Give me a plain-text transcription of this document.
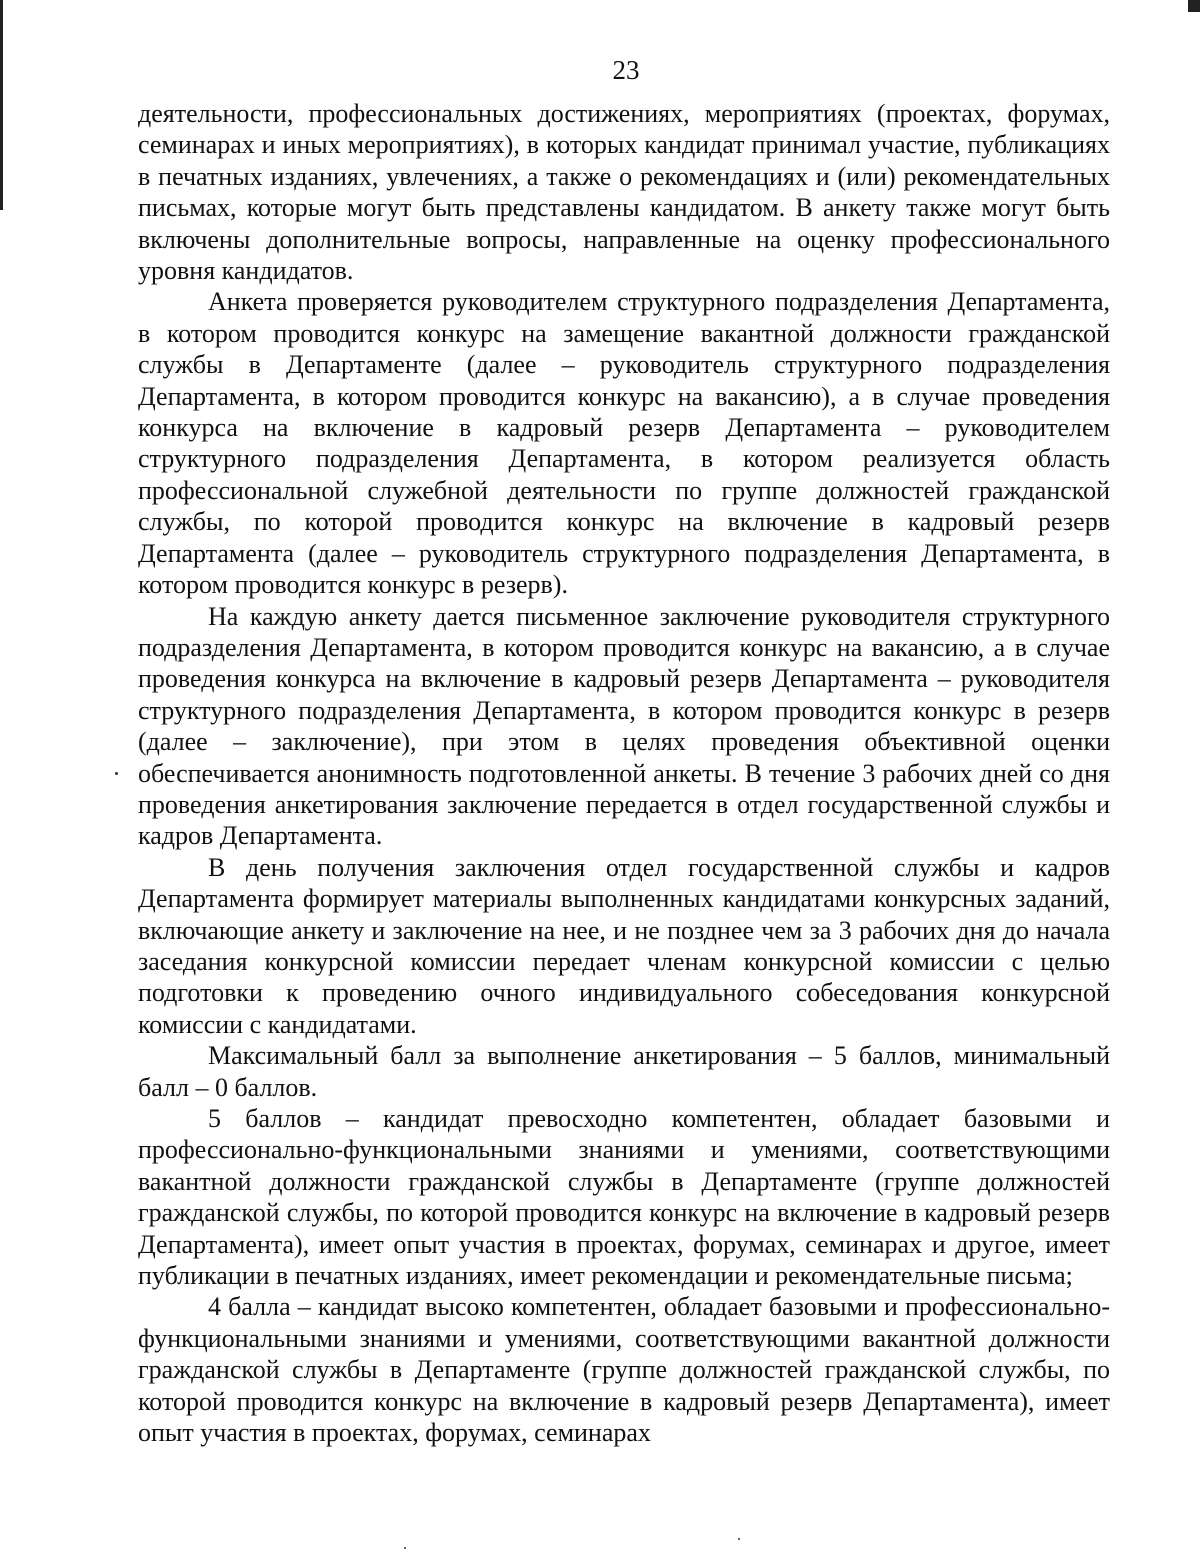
23

деятельности, профессиональных достижениях, мероприятиях (проектах, форумах, семинарах и иных мероприятиях), в которых кандидат принимал участие, публикациях в печатных изданиях, увлечениях, а также о рекомендациях и (или) рекомендательных письмах, которые могут быть представлены кандидатом. В анкету также могут быть включены дополнительные вопросы, направленные на оценку профессионального уровня кандидатов.

Анкета проверяется руководителем структурного подразделения Департамента, в котором проводится конкурс на замещение вакантной должности гражданской службы в Департаменте (далее – руководитель структурного подразделения Департамента, в котором проводится конкурс на вакансию), а в случае проведения конкурса на включение в кадровый резерв Департамента – руководителем структурного подразделения Департамента, в котором реализуется область профессиональной служебной деятельности по группе должностей гражданской службы, по которой проводится конкурс на включение в кадровый резерв Департамента (далее – руководитель структурного подразделения Департамента, в котором проводится конкурс в резерв).

На каждую анкету дается письменное заключение руководителя структурного подразделения Департамента, в котором проводится конкурс на вакансию, а в случае проведения конкурса на включение в кадровый резерв Департамента – руководителя структурного подразделения Департамента, в котором проводится конкурс в резерв (далее – заключение), при этом в целях проведения объективной оценки обеспечивается анонимность подготовленной анкеты. В течение 3 рабочих дней со дня проведения анкетирования заключение передается в отдел государственной службы и кадров Департамента.

В день получения заключения отдел государственной службы и кадров Департамента формирует материалы выполненных кандидатами конкурсных заданий, включающие анкету и заключение на нее, и не позднее чем за 3 рабочих дня до начала заседания конкурсной комиссии передает членам конкурсной комиссии с целью подготовки к проведению очного индивидуального собеседования конкурсной комиссии с кандидатами.

Максимальный балл за выполнение анкетирования – 5 баллов, минимальный балл – 0 баллов.

5 баллов – кандидат превосходно компетентен, обладает базовыми и профессионально-функциональными знаниями и умениями, соответствующими вакантной должности гражданской службы в Департаменте (группе должностей гражданской службы, по которой проводится конкурс на включение в кадровый резерв Департамента), имеет опыт участия в проектах, форумах, семинарах и другое, имеет публикации в печатных изданиях, имеет рекомендации и рекомендательные письма;

4 балла – кандидат высоко компетентен, обладает базовыми и профессионально-функциональными знаниями и умениями, соответствующими вакантной должности гражданской службы в Департаменте (группе должностей гражданской службы, по которой проводится конкурс на включение в кадровый резерв Департамента), имеет опыт участия в проектах, форумах, семинарах
